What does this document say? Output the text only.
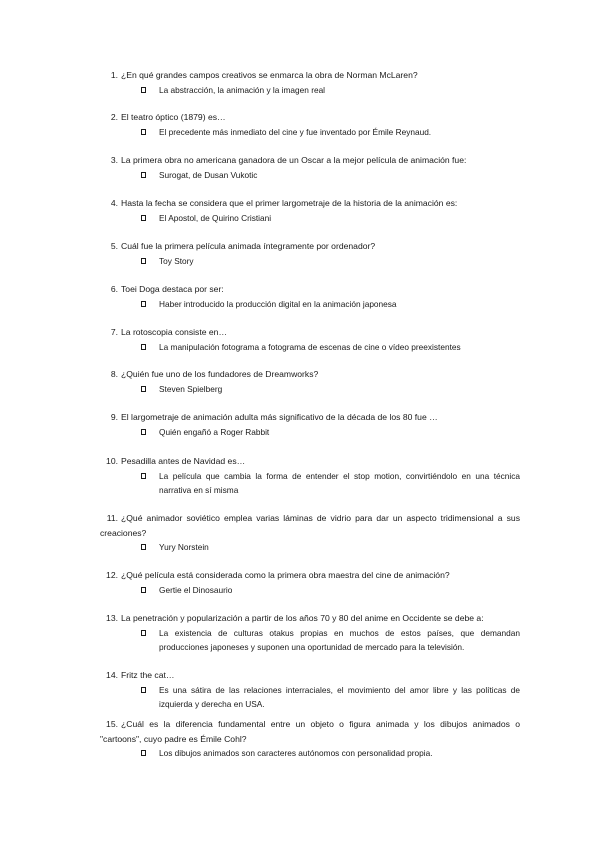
1. ¿En qué grandes campos creativos se enmarca la obra de Norman McLaren?
La abstracción, la animación y la imagen real
2. El teatro óptico (1879) es…
El precedente más inmediato del cine y fue inventado por Émile Reynaud.
3. La primera obra no americana ganadora de un Oscar a la mejor película de animación fue:
Surogat, de Dusan Vukotic
4. Hasta la fecha se considera que el primer largometraje de la historia de la animación es:
El Apostol, de Quirino Cristiani
5. Cuál fue la primera película animada íntegramente por ordenador?
Toy Story
6. Toei Doga destaca por ser:
Haber introducido la producción digital en la animación japonesa
7. La rotoscopia consiste en…
La manipulación fotograma a fotograma de escenas de cine o vídeo preexistentes
8. ¿Quién fue uno de los fundadores de Dreamworks?
Steven Spielberg
9. El largometraje de animación adulta más significativo de la década de los 80 fue …
Quién engañó a Roger Rabbit
10. Pesadilla antes de Navidad es…
La película que cambia la forma de entender el stop motion, convirtiéndolo en una técnica narrativa en sí misma
11. ¿Qué animador soviético emplea varias láminas de vidrio para dar un aspecto tridimensional a sus creaciones?
Yury Norstein
12. ¿Qué película está considerada como la primera obra maestra del cine de animación?
Gertie el Dinosaurio
13. La penetración y popularización a partir de los años 70 y 80 del anime en Occidente se debe a:
La existencia de culturas otakus propias en muchos de estos países, que demandan producciones japoneses y suponen una oportunidad de mercado para la televisión.
14. Fritz the cat…
Es una sátira de las relaciones interraciales, el movimiento del amor libre y las políticas de izquierda y derecha en USA.
15. ¿Cuál es la diferencia fundamental entre un objeto o figura animada y los dibujos animados o "cartoons", cuyo padre es Émile Cohl?
Los dibujos animados son caracteres autónomos con personalidad propia.
